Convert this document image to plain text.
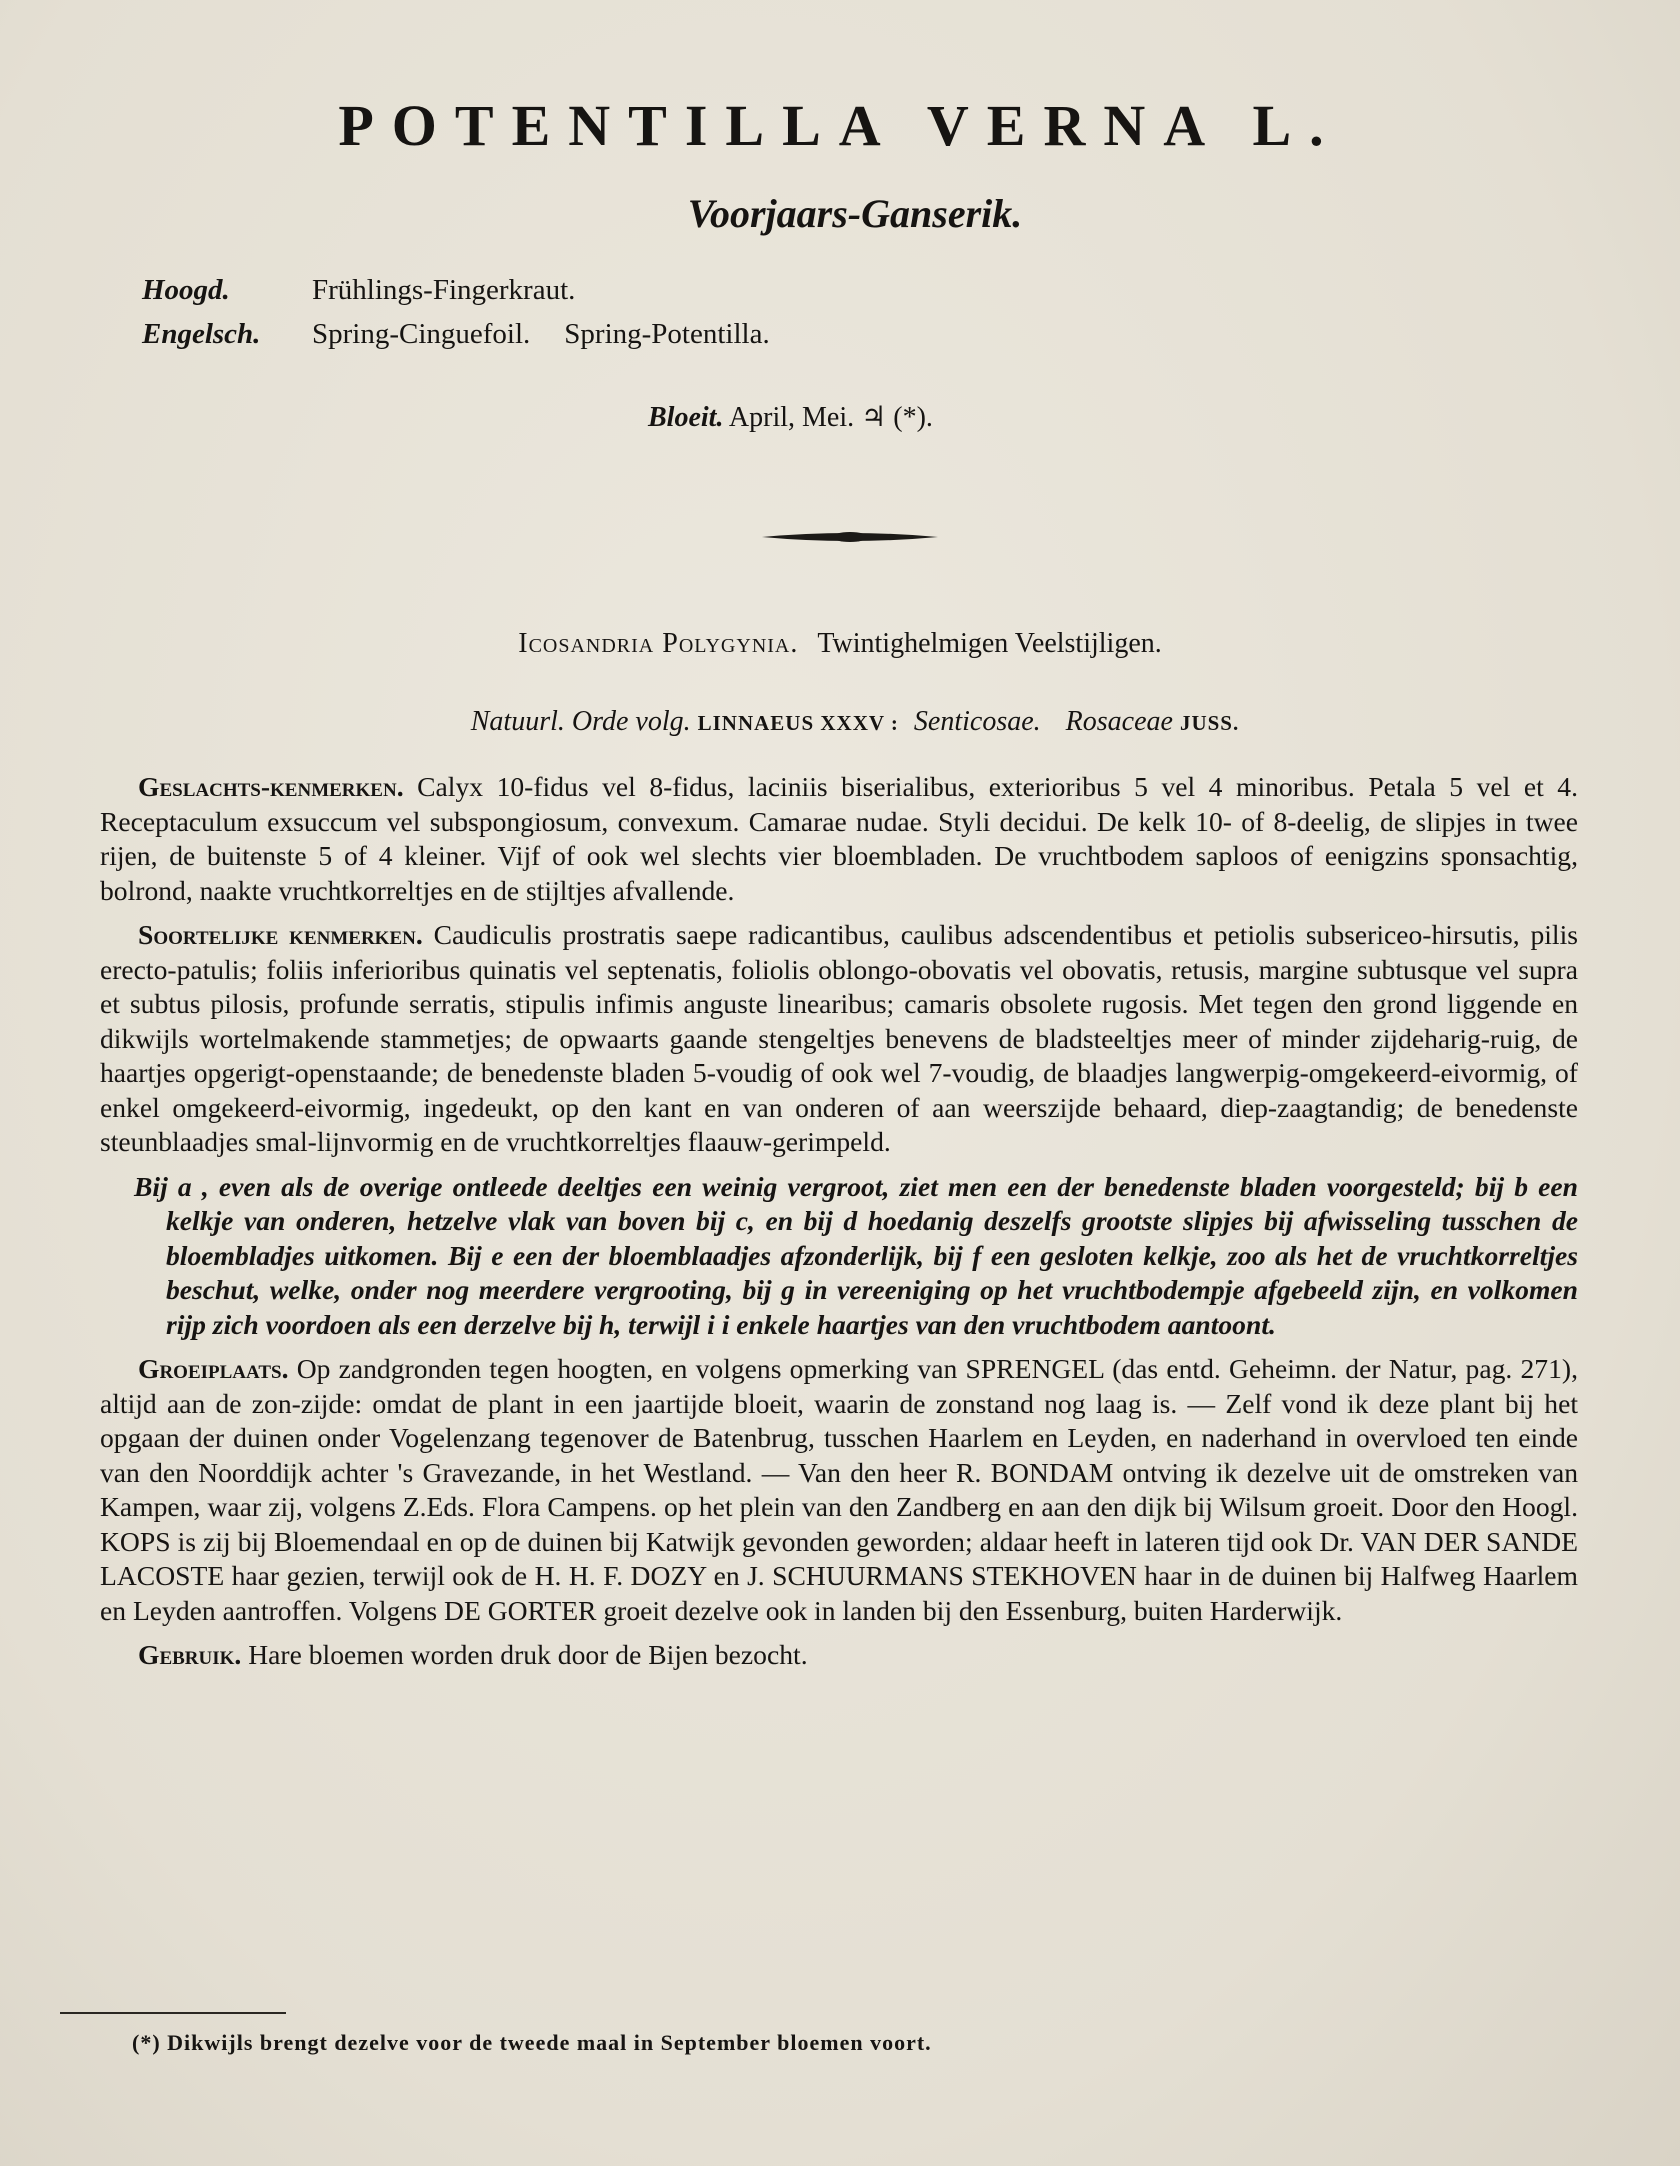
POTENTILLA VERNA L.
Voorjaars-Ganserik.
Hoogd.	Frühlings-Fingerkraut.
Engelsch.	Spring-Cinguefoil. Spring-Potentilla.
Bloeit. April, Mei. ♃ (*).
Icosandria Polygynia. Twintighelmigen Veelstijligen.
Natuurl. Orde volg. LINNAEUS XXXV : Senticosae. Rosaceae JUSS.

Geslachts-kenmerken. Calyx 10-fidus vel 8-fidus, laciniis biserialibus, exterioribus 5 vel 4 minoribus. Petala 5 vel et 4. Receptaculum exsuccum vel subspongiosum, convexum. Camarae nudae. Styli decidui. De kelk 10- of 8-deelig, de slipjes in twee rijen, de buitenste 5 of 4 kleiner. Vijf of ook wel slechts vier bloembladen. De vruchtbodem saploos of eenigzins sponsachtig, bolrond, naakte vruchtkorreltjes en de stijltjes afvallende.

Soortelijke kenmerken. Caudiculis prostratis saepe radicantibus, caulibus adscendentibus et petiolis subsericeo-hirsutis, pilis erecto-patulis; foliis inferioribus quinatis vel septenatis, foliolis oblongo-obovatis vel obovatis, retusis, margine subtusque vel supra et subtus pilosis, profunde serratis, stipulis infimis anguste linearibus; camaris obsolete rugosis. Met tegen den grond liggende en dikwijls wortelmakende stammetjes; de opwaarts gaande stengeltjes benevens de bladsteeltjes meer of minder zijdeharig-ruig, de haartjes opgerigt-openstaande; de benedenste bladen 5-voudig of ook wel 7-voudig, de blaadjes langwerpig-omgekeerd-eivormig, of enkel omgekeerd-eivormig, ingedeukt, op den kant en van onderen of aan weerszijde behaard, diep-zaagtandig; de benedenste steunblaadjes smal-lijnvormig en de vruchtkorreltjes flaauw-gerimpeld.

Bij a , even als de overige ontleede deeltjes een weinig vergroot, ziet men een der benedenste bladen voorgesteld; bij b een kelkje van onderen, hetzelve vlak van boven bij c, en bij d hoedanig deszelfs grootste slipjes bij afwisseling tusschen de bloembladjes uitkomen. Bij e een der bloemblaadjes afzonderlijk, bij f een gesloten kelkje, zoo als het de vruchtkorreltjes beschut, welke, onder nog meerdere vergrooting, bij g in vereeniging op het vruchtbodempje afgebeeld zijn, en volkomen rijp zich voordoen als een derzelve bij h, terwijl i i enkele haartjes van den vruchtbodem aantoont.

Groeiplaats. Op zandgronden tegen hoogten, en volgens opmerking van SPRENGEL (das entd. Geheimn. der Natur, pag. 271), altijd aan de zon-zijde: omdat de plant in een jaartijde bloeit, waarin de zonstand nog laag is. — Zelf vond ik deze plant bij het opgaan der duinen onder Vogelenzang tegenover de Batenbrug, tusschen Haarlem en Leyden, en naderhand in overvloed ten einde van den Noorddijk achter 's Gravezande, in het Westland. — Van den heer R. BONDAM ontving ik dezelve uit de omstreken van Kampen, waar zij, volgens Z.Eds. Flora Campens. op het plein van den Zandberg en aan den dijk bij Wilsum groeit. Door den Hoogl. KOPS is zij bij Bloemendaal en op de duinen bij Katwijk gevonden geworden; aldaar heeft in lateren tijd ook Dr. VAN DER SANDE LACOSTE haar gezien, terwijl ook de H. H. F. DOZY en J. SCHUURMANS STEKHOVEN haar in de duinen bij Halfweg Haarlem en Leyden aantroffen. Volgens DE GORTER groeit dezelve ook in landen bij den Essenburg, buiten Harderwijk.

Gebruik. Hare bloemen worden druk door de Bijen bezocht.

(*) Dikwijls brengt dezelve voor de tweede maal in September bloemen voort.
